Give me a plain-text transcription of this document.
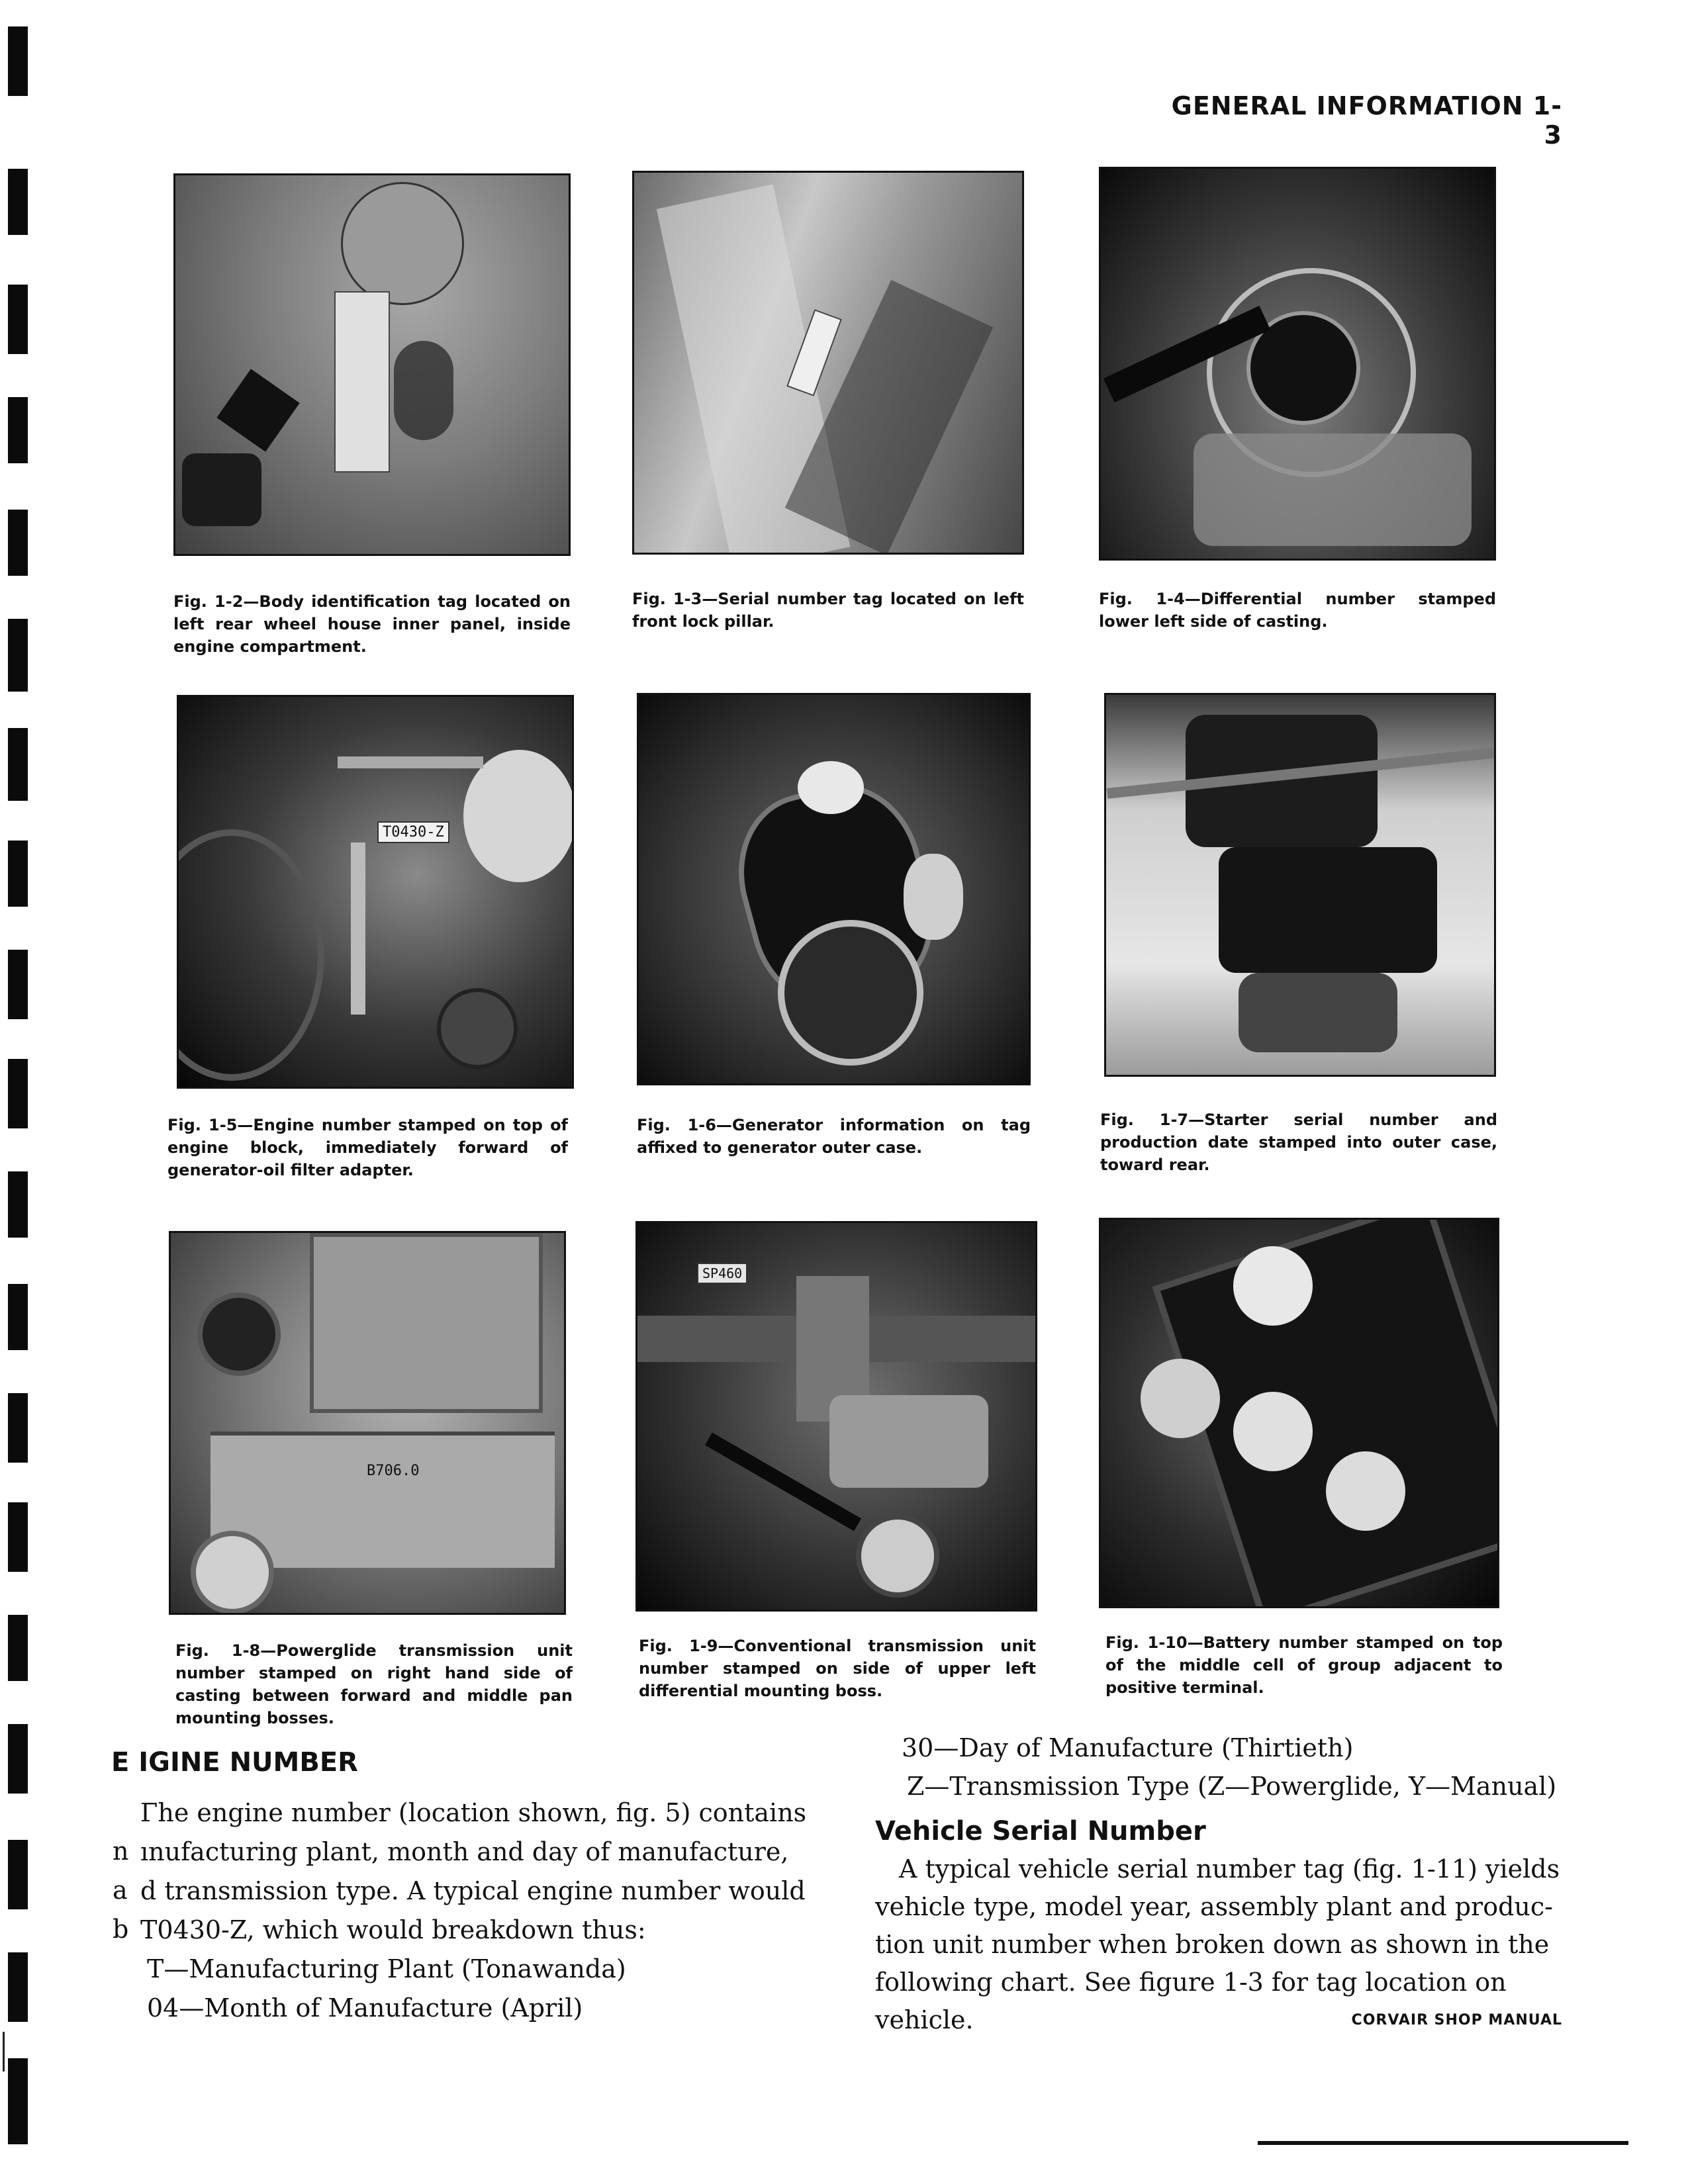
GENERAL INFORMATION 1-3
Fig. 1-2—Body identification tag located on left rear wheel house inner panel, inside engine compartment.
Fig. 1-3—Serial number tag located on left front lock pillar.
Fig. 1-4—Differential number stamped lower left side of casting.
T0430-Z
Fig. 1-5—Engine number stamped on top of engine block, immediately forward of generator-oil filter adapter.
Fig. 1-6—Generator information on tag affixed to generator outer case.
Fig. 1-7—Starter serial number and production date stamped into outer case, toward rear.
B706.0
Fig. 1-8—Powerglide transmission unit number stamped on right hand side of casting between forward and middle pan mounting bosses.
SP460
Fig. 1-9—Conventional transmission unit number stamped on side of upper left differential mounting boss.
Fig. 1-10—Battery number stamped on top of the middle cell of group adjacent to positive terminal.
E IGINE NUMBER
n
a
b
Γhe engine number (location shown, fig. 5) contains
ınufacturing plant, month and day of manufacture,
d transmission type. A typical engine number would
T0430-Z, which would breakdown thus:
T—Manufacturing Plant (Tonawanda)
04—Month of Manufacture (April)
30—Day of Manufacture (Thirtieth)
Z—Transmission Type (Z—Powerglide, Y—Manual)
Vehicle Serial Number
A typical vehicle serial number tag (fig. 1-11) yields
vehicle type, model year, assembly plant and produc-
tion unit number when broken down as shown in the
following chart. See figure 1-3 for tag location on
vehicle.	CORVAIR SHOP MANUAL
